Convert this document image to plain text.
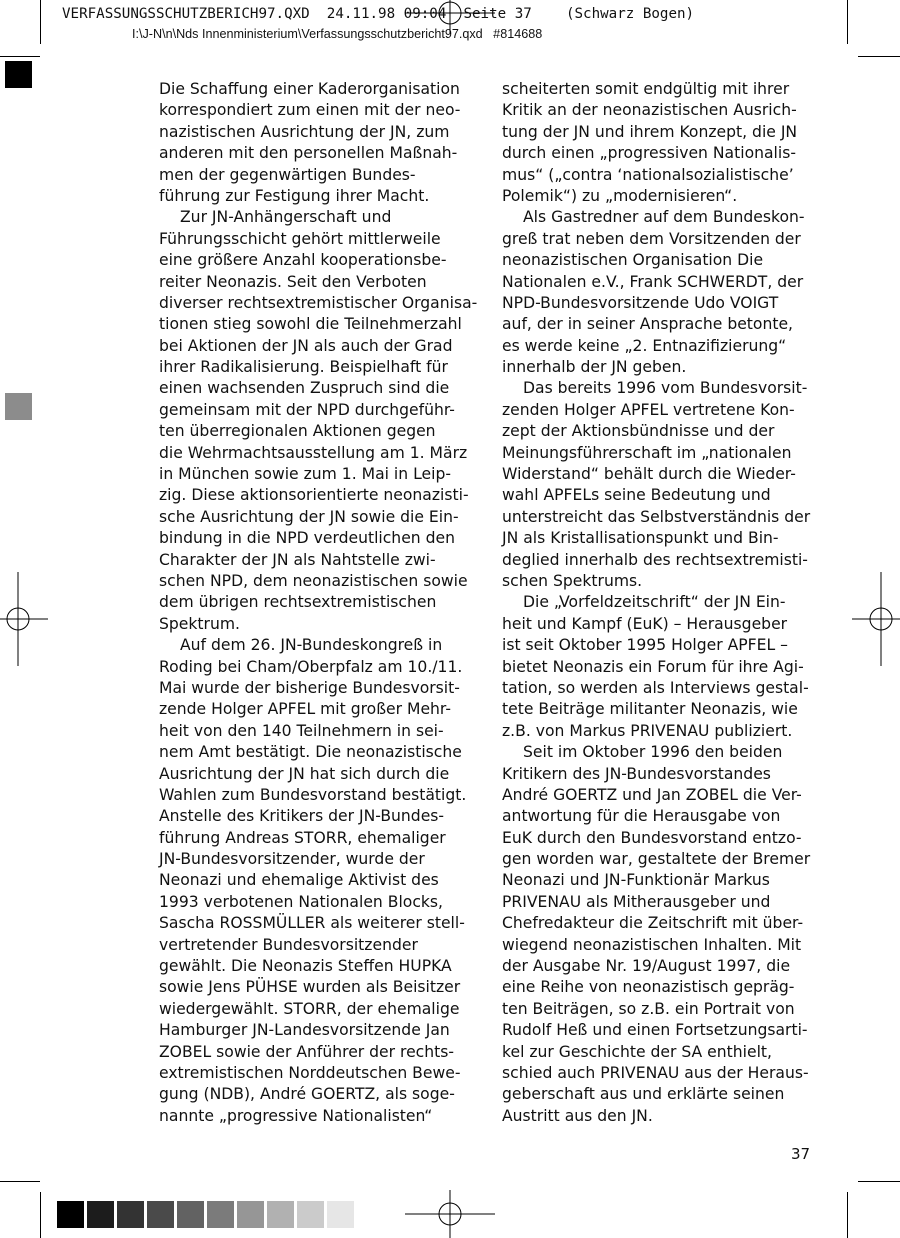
VERFASSUNGSSCHUTZBERICH97.QXD  24.11.98 09:04  Seite 37    (Schwarz Bogen)
I:\J-N\n\Nds Innenministerium\Verfassungsschutzbericht97.qxd   #814688
Die Schaffung einer Kaderorganisation
korrespondiert zum einen mit der neo-
nazistischen Ausrichtung der JN, zum
anderen mit den personellen Maßnah-
men der gegenwärtigen Bundes-
führung zur Festigung ihrer Macht.
Zur JN-Anhängerschaft und
Führungsschicht gehört mittlerweile
eine größere Anzahl kooperationsbe-
reiter Neonazis. Seit den Verboten
diverser rechtsextremistischer Organisa-
tionen stieg sowohl die Teilnehmerzahl
bei Aktionen der JN als auch der Grad
ihrer Radikalisierung. Beispielhaft für
einen wachsenden Zuspruch sind die
gemeinsam mit der NPD durchgeführ-
ten überregionalen Aktionen gegen
die Wehrmachtsausstellung am 1. März
in München sowie zum 1. Mai in Leip-
zig. Diese aktionsorientierte neonazisti-
sche Ausrichtung der JN sowie die Ein-
bindung in die NPD verdeutlichen den
Charakter der JN als Nahtstelle zwi-
schen NPD, dem neonazistischen sowie
dem übrigen rechtsextremistischen
Spektrum.
Auf dem 26. JN-Bundeskongreß in
Roding bei Cham/Oberpfalz am 10./11.
Mai wurde der bisherige Bundesvorsit-
zende Holger APFEL mit großer Mehr-
heit von den 140 Teilnehmern in sei-
nem Amt bestätigt. Die neonazistische
Ausrichtung der JN hat sich durch die
Wahlen zum Bundesvorstand bestätigt.
Anstelle des Kritikers der JN-Bundes-
führung Andreas STORR, ehemaliger
JN-Bundesvorsitzender, wurde der
Neonazi und ehemalige Aktivist des
1993 verbotenen Nationalen Blocks,
Sascha ROSSMÜLLER als weiterer stell-
vertretender Bundesvorsitzender
gewählt. Die Neonazis Steffen HUPKA
sowie Jens PÜHSE wurden als Beisitzer
wiedergewählt. STORR, der ehemalige
Hamburger JN-Landesvorsitzende Jan
ZOBEL sowie der Anführer der rechts-
extremistischen Norddeutschen Bewe-
gung (NDB), André GOERTZ, als soge-
nannte „progressive Nationalisten“
scheiterten somit endgültig mit ihrer
Kritik an der neonazistischen Ausrich-
tung der JN und ihrem Konzept, die JN
durch einen „progressiven Nationalis-
mus“ („contra ‘nationalsozialistische’
Polemik“) zu „modernisieren“.
Als Gastredner auf dem Bundeskon-
greß trat neben dem Vorsitzenden der
neonazistischen Organisation Die
Nationalen e.V., Frank SCHWERDT, der
NPD-Bundesvorsitzende Udo VOIGT
auf, der in seiner Ansprache betonte,
es werde keine „2. Entnazifizierung“
innerhalb der JN geben.
Das bereits 1996 vom Bundesvorsit-
zenden Holger APFEL vertretene Kon-
zept der Aktionsbündnisse und der
Meinungsführerschaft im „nationalen
Widerstand“ behält durch die Wieder-
wahl APFELs seine Bedeutung und
unterstreicht das Selbstverständnis der
JN als Kristallisationspunkt und Bin-
deglied innerhalb des rechtsextremisti-
schen Spektrums.
Die „Vorfeldzeitschrift“ der JN Ein-
heit und Kampf (EuK) – Herausgeber
ist seit Oktober 1995 Holger APFEL –
bietet Neonazis ein Forum für ihre Agi-
tation, so werden als Interviews gestal-
tete Beiträge militanter Neonazis, wie
z.B. von Markus PRIVENAU publiziert.
Seit im Oktober 1996 den beiden
Kritikern des JN-Bundesvorstandes
André GOERTZ und Jan ZOBEL die Ver-
antwortung für die Herausgabe von
EuK durch den Bundesvorstand entzo-
gen worden war, gestaltete der Bremer
Neonazi und JN-Funktionär Markus
PRIVENAU als Mitherausgeber und
Chefredakteur die Zeitschrift mit über-
wiegend neonazistischen Inhalten. Mit
der Ausgabe Nr. 19/August 1997, die
eine Reihe von neonazistisch gepräg-
ten Beiträgen, so z.B. ein Portrait von
Rudolf Heß und einen Fortsetzungsarti-
kel zur Geschichte der SA enthielt,
schied auch PRIVENAU aus der Heraus-
geberschaft aus und erklärte seinen
Austritt aus den JN.
37
